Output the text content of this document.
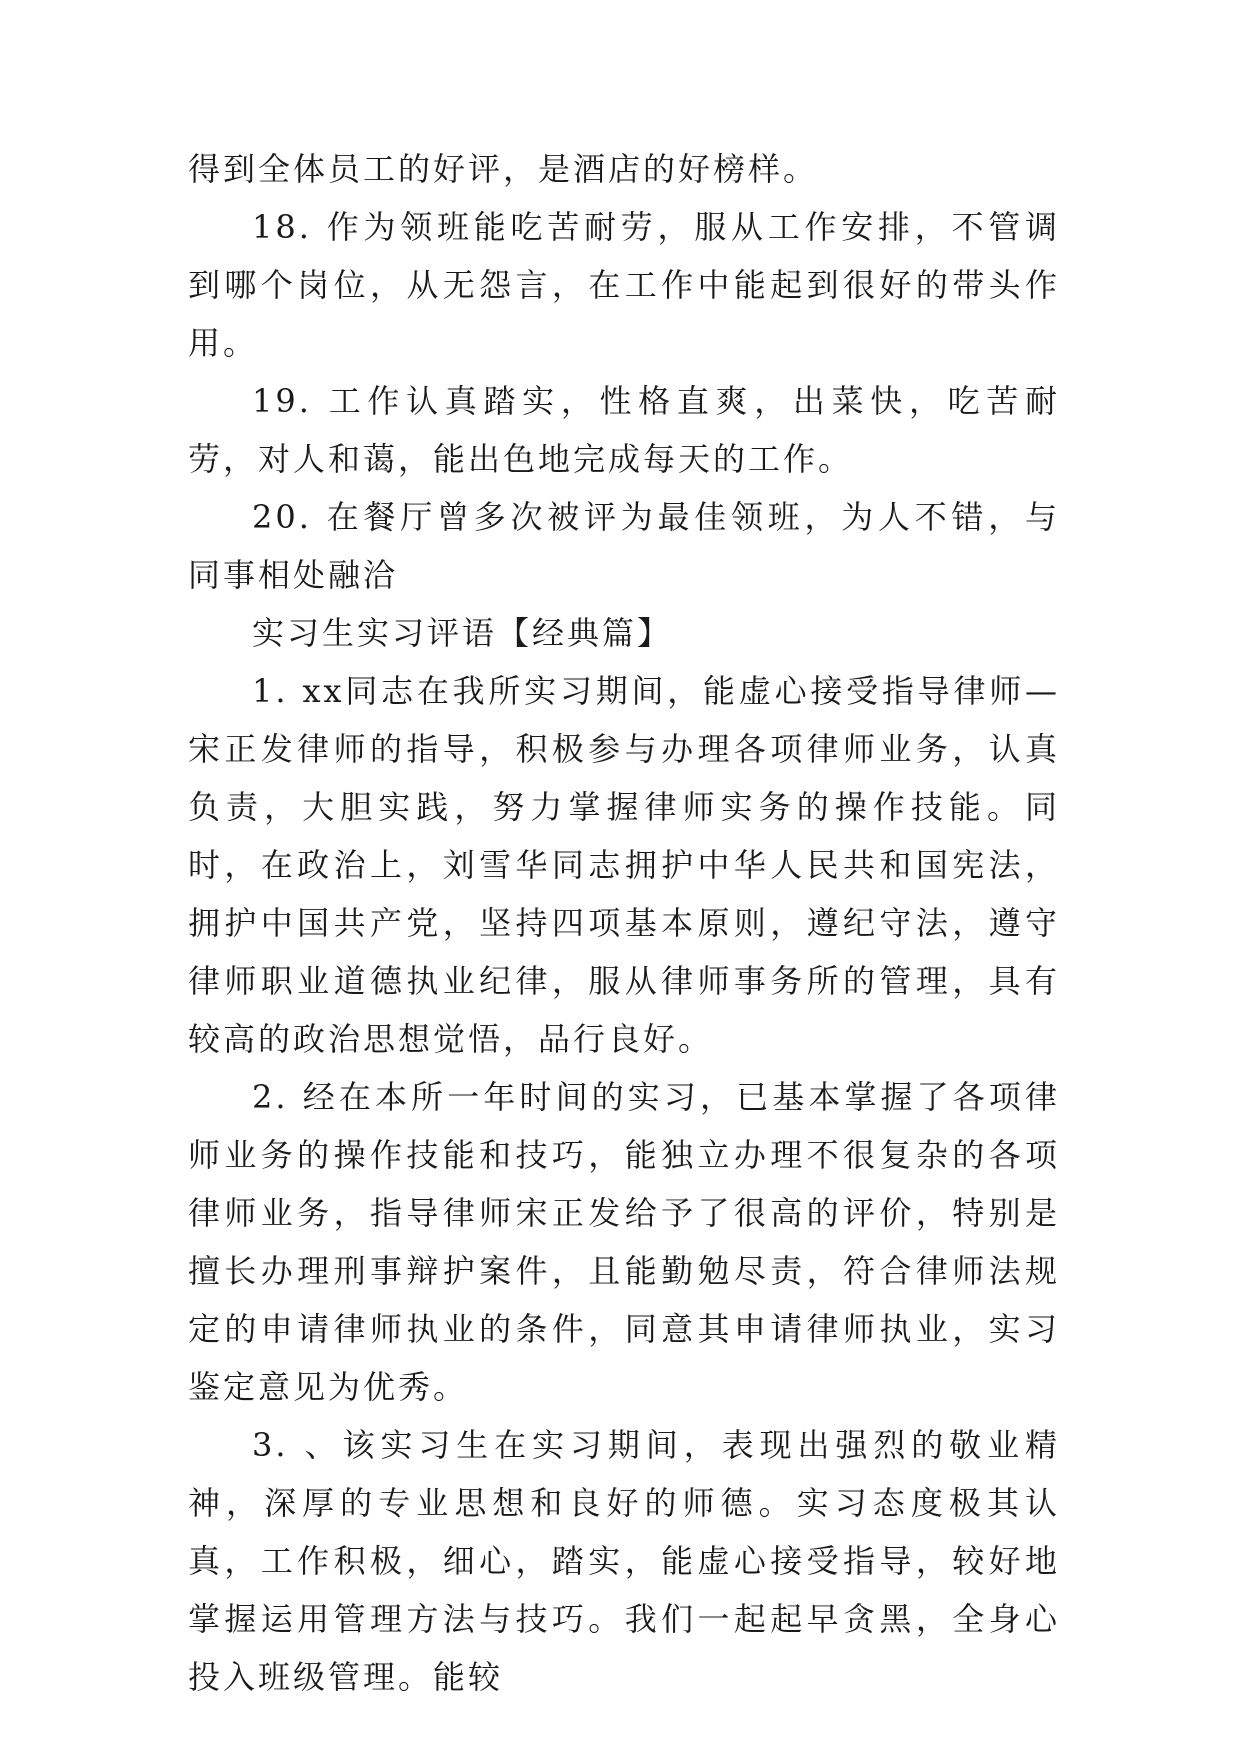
得到全体员工的好评，是酒店的好榜样。

18. 作为领班能吃苦耐劳，服从工作安排，不管调到哪个岗位，从无怨言，在工作中能起到很好的带头作用。

19. 工作认真踏实，性格直爽，出菜快，吃苦耐劳，对人和蔼，能出色地完成每天的工作。

20. 在餐厅曾多次被评为最佳领班，为人不错，与同事相处融洽

实习生实习评语【经典篇】

1. xx同志在我所实习期间，能虚心接受指导律师—宋正发律师的指导，积极参与办理各项律师业务，认真负责，大胆实践，努力掌握律师实务的操作技能。同时，在政治上，刘雪华同志拥护中华人民共和国宪法，拥护中国共产党，坚持四项基本原则，遵纪守法，遵守律师职业道德执业纪律，服从律师事务所的管理，具有较高的政治思想觉悟，品行良好。

2. 经在本所一年时间的实习，已基本掌握了各项律师业务的操作技能和技巧，能独立办理不很复杂的各项律师业务，指导律师宋正发给予了很高的评价，特别是擅长办理刑事辩护案件，且能勤勉尽责，符合律师法规定的申请律师执业的条件，同意其申请律师执业，实习鉴定意见为优秀。

3. 、该实习生在实习期间，表现出强烈的敬业精神，深厚的专业思想和良好的师德。实习态度极其认真，工作积极，细心，踏实，能虚心接受指导，较好地掌握运用管理方法与技巧。我们一起起早贪黑，全身心投入班级管理。能较
